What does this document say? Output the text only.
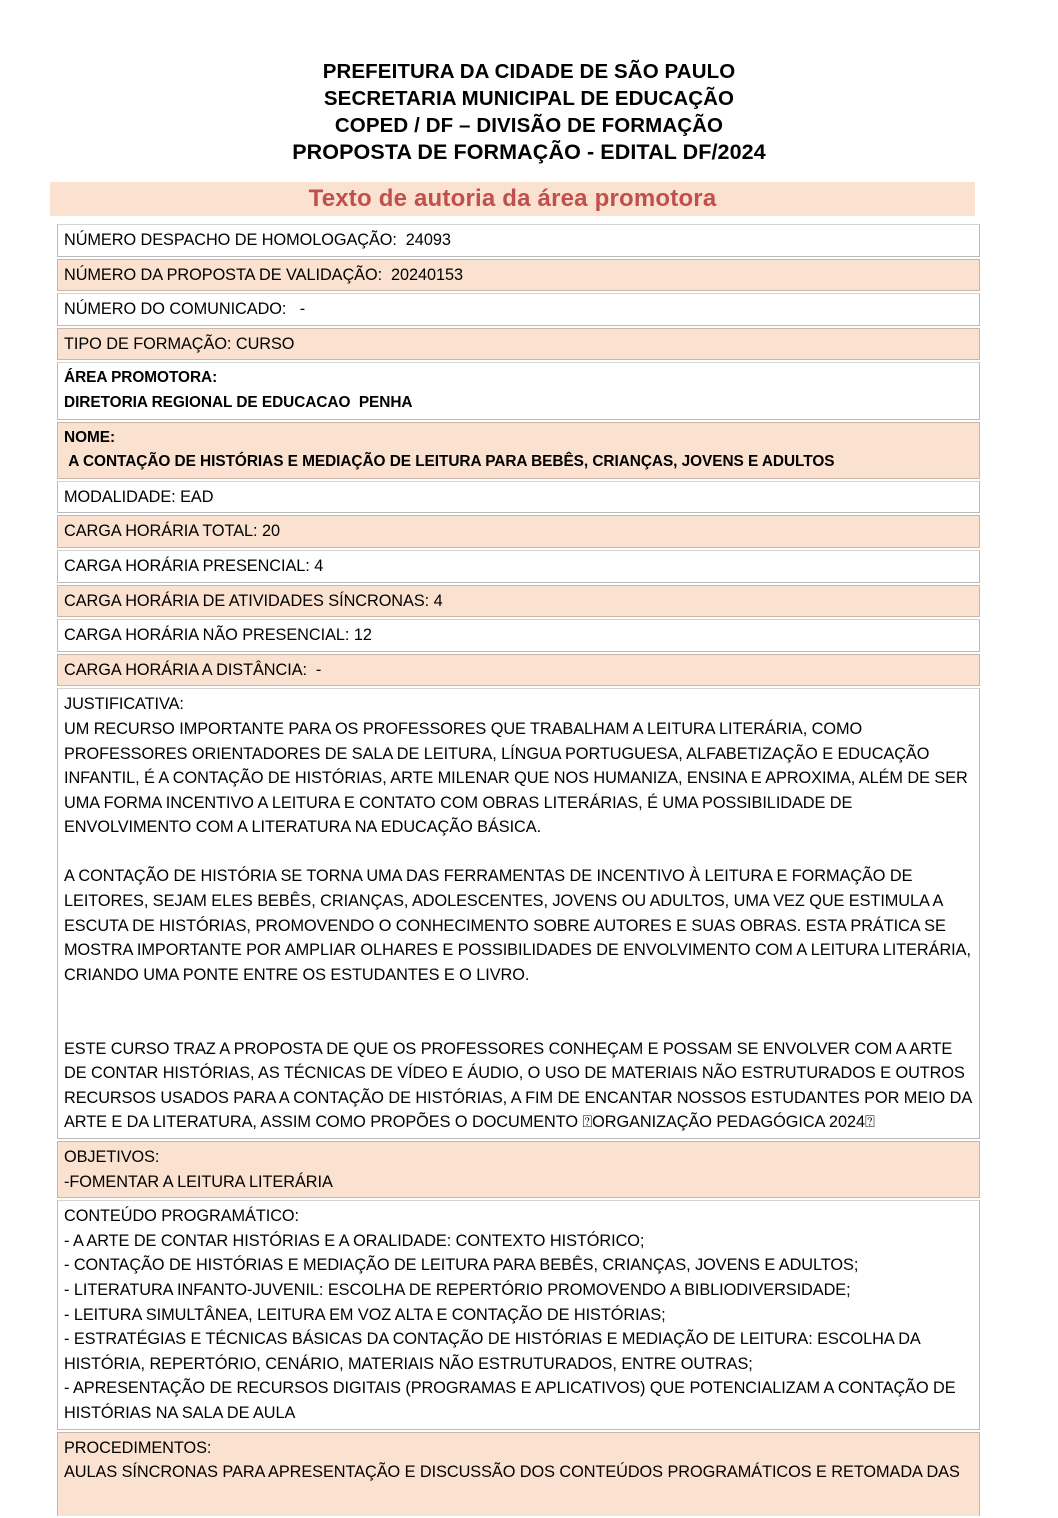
PREFEITURA DA CIDADE DE SÃO PAULO
SECRETARIA MUNICIPAL DE EDUCAÇÃO
COPED / DF – DIVISÃO DE FORMAÇÃO
PROPOSTA DE FORMAÇÃO - EDITAL DF/2024
Texto de autoria da área promotora
NÚMERO DESPACHO DE HOMOLOGAÇÃO:  24093
NÚMERO DA PROPOSTA DE VALIDAÇÃO:  20240153
NÚMERO DO COMUNICADO:   -
TIPO DE FORMAÇÃO: CURSO
ÁREA PROMOTORA:
DIRETORIA REGIONAL DE EDUCACAO  PENHA
NOME:
A CONTAÇÃO DE HISTÓRIAS E MEDIAÇÃO DE LEITURA PARA BEBÊS, CRIANÇAS, JOVENS E ADULTOS
MODALIDADE: EAD
CARGA HORÁRIA TOTAL: 20
CARGA HORÁRIA PRESENCIAL: 4
CARGA HORÁRIA DE ATIVIDADES SÍNCRONAS: 4
CARGA HORÁRIA NÃO PRESENCIAL: 12
CARGA HORÁRIA A DISTÂNCIA:  -
JUSTIFICATIVA:
UM RECURSO IMPORTANTE PARA OS PROFESSORES QUE TRABALHAM A LEITURA LITERÁRIA, COMO PROFESSORES ORIENTADORES DE SALA DE LEITURA, LÍNGUA PORTUGUESA, ALFABETIZAÇÃO E EDUCAÇÃO INFANTIL, É A CONTAÇÃO DE HISTÓRIAS, ARTE MILENAR QUE NOS HUMANIZA, ENSINA E APROXIMA, ALÉM DE SER UMA FORMA INCENTIVO A LEITURA E CONTATO COM OBRAS LITERÁRIAS, É UMA POSSIBILIDADE DE ENVOLVIMENTO COM A LITERATURA NA EDUCAÇÃO BÁSICA.
A CONTAÇÃO DE HISTÓRIA SE TORNA UMA DAS FERRAMENTAS DE INCENTIVO À LEITURA E FORMAÇÃO DE LEITORES, SEJAM ELES BEBÊS, CRIANÇAS, ADOLESCENTES, JOVENS OU ADULTOS, UMA VEZ QUE ESTIMULA A ESCUTA DE HISTÓRIAS, PROMOVENDO O CONHECIMENTO SOBRE AUTORES E SUAS OBRAS. ESTA PRÁTICA SE MOSTRA IMPORTANTE POR AMPLIAR OLHARES E POSSIBILIDADES DE ENVOLVIMENTO COM A LEITURA LITERÁRIA, CRIANDO UMA PONTE ENTRE OS ESTUDANTES E O LIVRO.
ESTE CURSO TRAZ A PROPOSTA DE QUE OS PROFESSORES CONHEÇAM E POSSAM SE ENVOLVER COM A ARTE DE CONTAR HISTÓRIAS, AS TÉCNICAS DE VÍDEO E ÁUDIO, O USO DE MATERIAIS NÃO ESTRUTURADOS E OUTROS RECURSOS USADOS PARA A CONTAÇÃO DE HISTÓRIAS, A FIM DE ENCANTAR NOSSOS ESTUDANTES POR MEIO DA ARTE E DA LITERATURA, ASSIM COMO PROPÕES O DOCUMENTO ⍰ORGANIZAÇÃO PEDAGÓGICA 2024⍰
OBJETIVOS:
-FOMENTAR A LEITURA LITERÁRIA
CONTEÚDO PROGRAMÁTICO:
- A ARTE DE CONTAR HISTÓRIAS E A ORALIDADE: CONTEXTO HISTÓRICO;
- CONTAÇÃO DE HISTÓRIAS E MEDIAÇÃO DE LEITURA PARA BEBÊS, CRIANÇAS, JOVENS E ADULTOS;
- LITERATURA INFANTO-JUVENIL: ESCOLHA DE REPERTÓRIO PROMOVENDO A BIBLIODIVERSIDADE;
- LEITURA SIMULTÂNEA, LEITURA EM VOZ ALTA E CONTAÇÃO DE HISTÓRIAS;
- ESTRATÉGIAS E TÉCNICAS BÁSICAS DA CONTAÇÃO DE HISTÓRIAS E MEDIAÇÃO DE LEITURA: ESCOLHA DA HISTÓRIA, REPERTÓRIO, CENÁRIO, MATERIAIS NÃO ESTRUTURADOS, ENTRE OUTRAS;
- APRESENTAÇÃO DE RECURSOS DIGITAIS (PROGRAMAS E APLICATIVOS) QUE POTENCIALIZAM A CONTAÇÃO DE HISTÓRIAS NA SALA DE AULA
PROCEDIMENTOS:
AULAS SÍNCRONAS PARA APRESENTAÇÃO E DISCUSSÃO DOS CONTEÚDOS PROGRAMÁTICOS E RETOMADA DAS
